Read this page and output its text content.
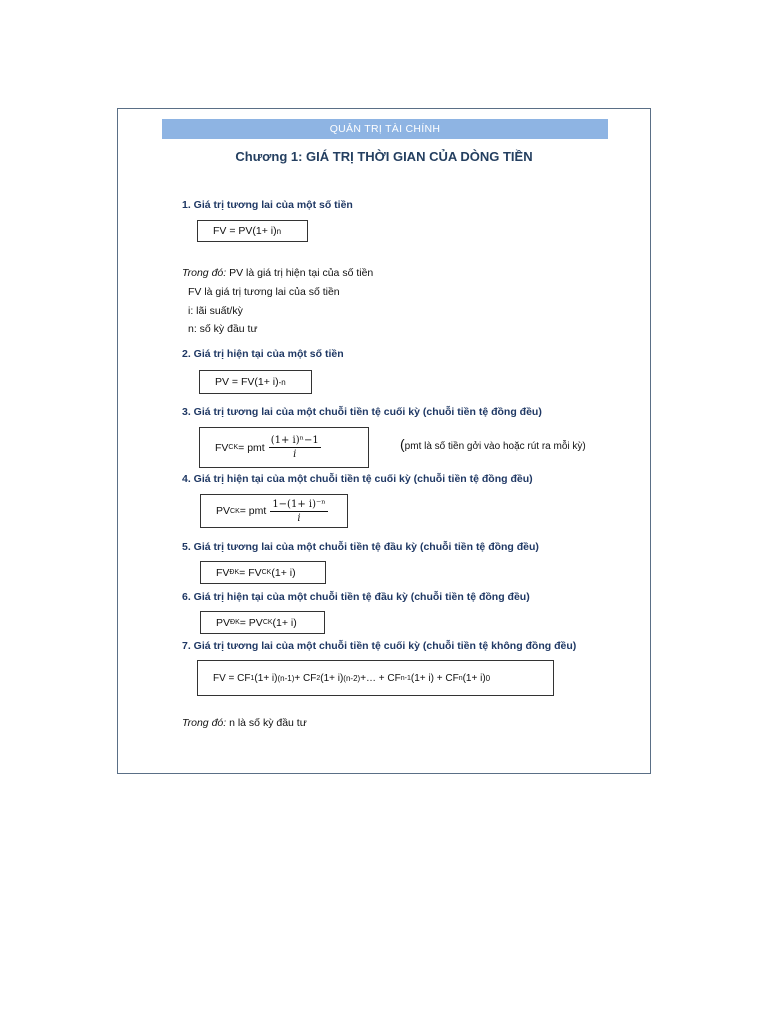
QUẢN TRỊ TÀI CHÍNH
Chương 1: GIÁ TRỊ THỜI GIAN CỦA DÒNG TIỀN
1. Giá trị tương lai của một số tiền
FV = PV(1+ i) n
Trong đó: PV là giá trị hiện tại của số tiền
FV là giá trị tương lai của số tiền
i: lãi suất/kỳ
n: số kỳ đầu tư
2. Giá trị hiện tại của một số tiền
PV = FV(1+ i) -n
3. Giá trị tương lai của một chuỗi tiền tệ cuối kỳ (chuỗi tiền tệ đồng đều)
FV CK = pmt $\frac{\text{(1+ i)ⁿ−1}}{i}$	(pmt là số tiền gởi vào hoặc rút ra mỗi kỳ)
4. Giá trị hiện tại của một chuỗi tiền tệ cuối kỳ (chuỗi tiền tệ đồng đều)
PV CK = pmt $\frac{\text{1−(1+ i)⁻ⁿ}}{i}$
5. Giá trị tương lai của một chuỗi tiền tệ đầu kỳ (chuỗi tiền tệ đồng đều)
FV ĐK = FV CK (1+ i)
6. Giá trị hiện tại của một chuỗi tiền tệ đầu kỳ (chuỗi tiền tệ đồng đều)
PV ĐK = PV CK (1+ i)
7. Giá trị tương lai của một chuỗi tiền tệ cuối kỳ (chuỗi tiền tệ không đồng đều)
FV = CF 1 (1+ i) (n-1) + CF 2 (1+ i) (n-2) +… + CF n-1 (1+ i) + CF n (1+ i) 0
Trong đó: n là số kỳ đầu tư
